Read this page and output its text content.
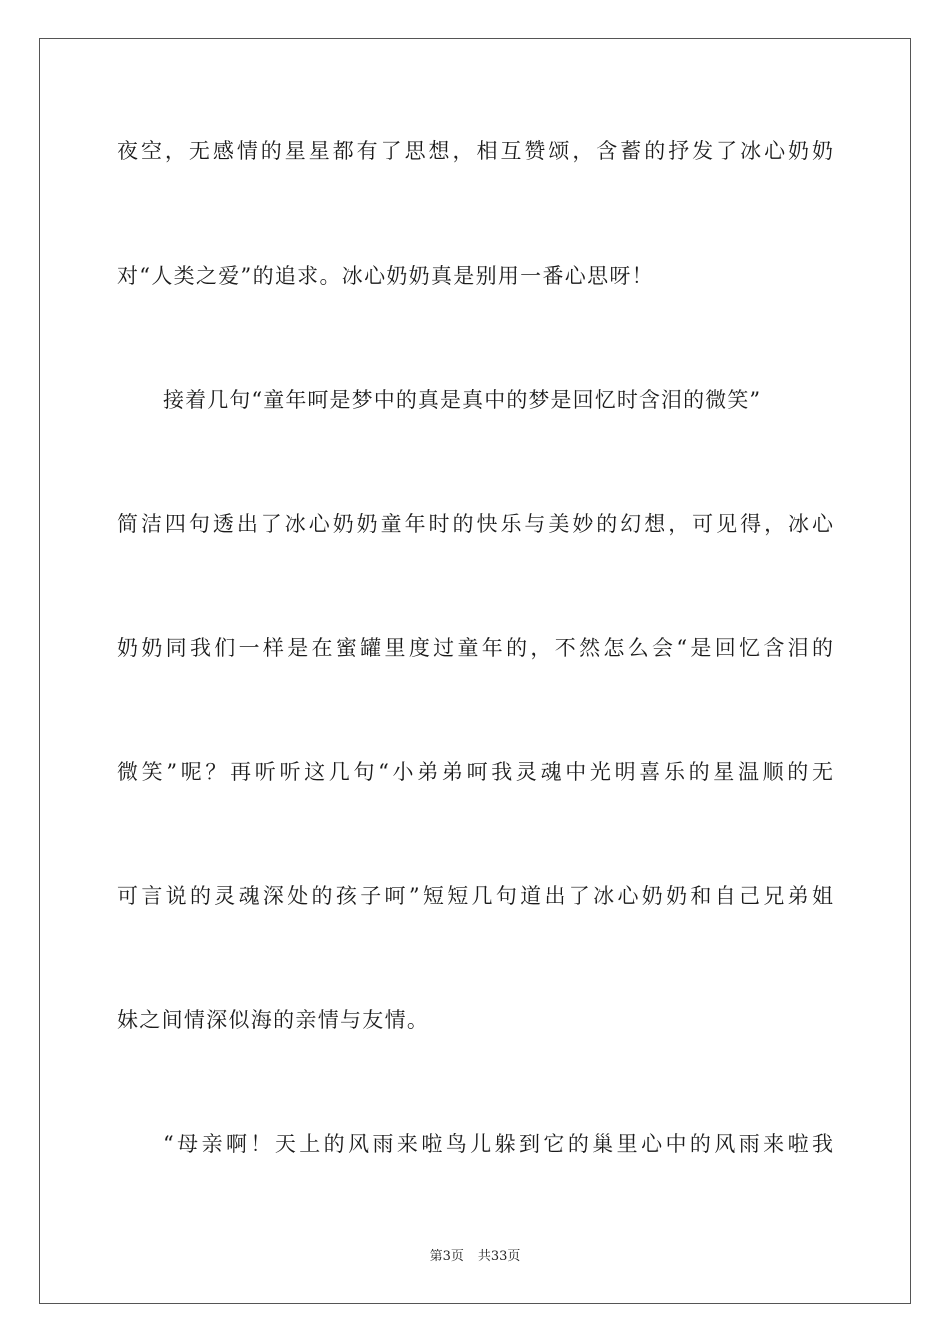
夜空，无感情的星星都有了思想，相互赞颂，含蓄的抒发了冰心奶奶
对“人类之爱”的追求。冰心奶奶真是别用一番心思呀！
接着几句“童年呵是梦中的真是真中的梦是回忆时含泪的微笑”
简洁四句透出了冰心奶奶童年时的快乐与美妙的幻想，可见得，冰心
奶奶同我们一样是在蜜罐里度过童年的，不然怎么会“是回忆含泪的
微笑”呢？再听听这几句“小弟弟呵我灵魂中光明喜乐的星温顺的无
可言说的灵魂深处的孩子呵”短短几句道出了冰心奶奶和自己兄弟姐
妹之间情深似海的亲情与友情。
“母亲啊！天上的风雨来啦鸟儿躲到它的巢里心中的风雨来啦我
第3页 共33页
